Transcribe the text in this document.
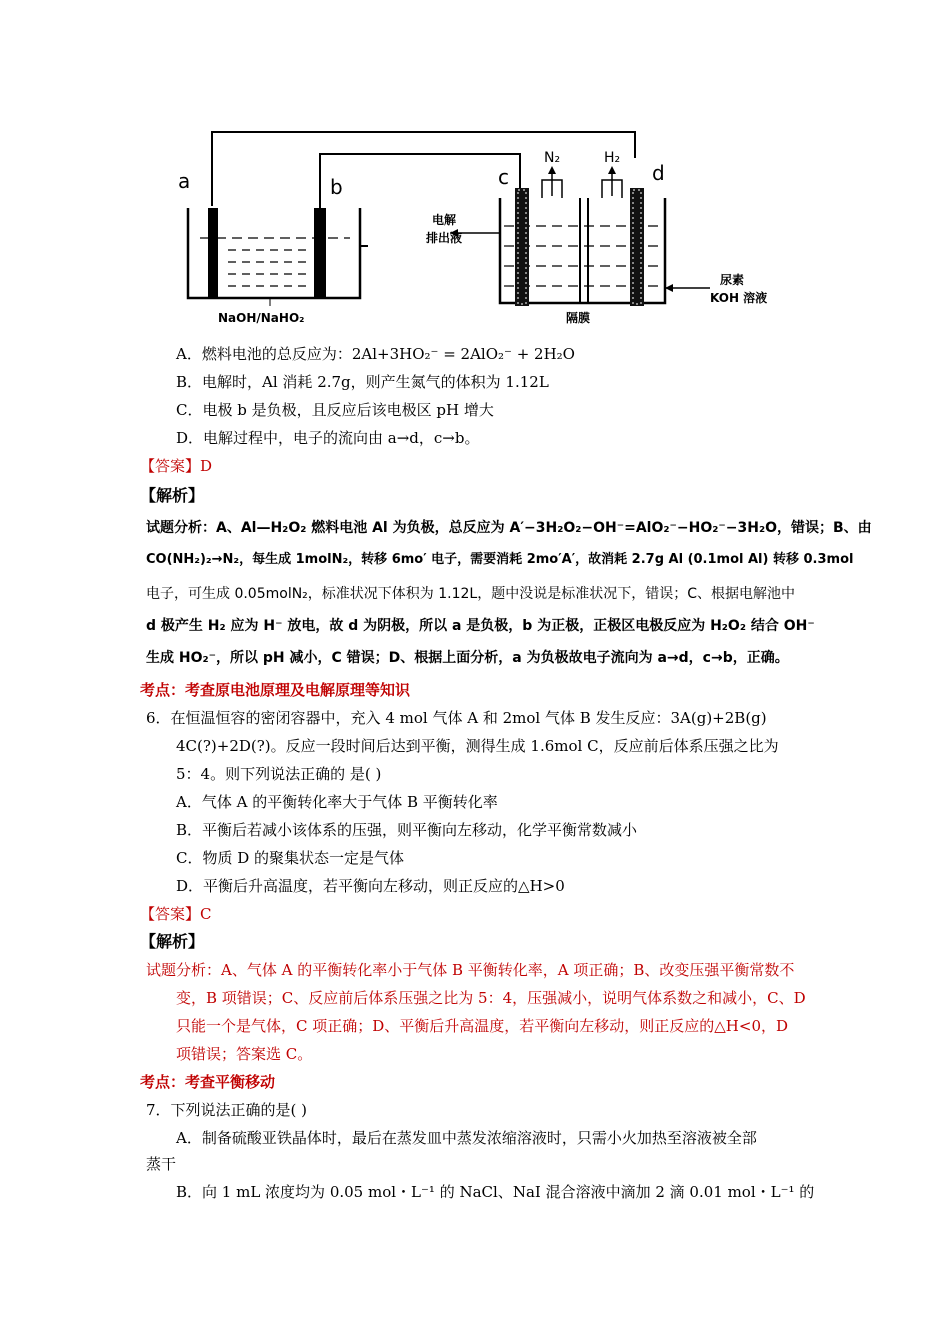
a	b	c	d
N₂	H₂
NaOH/NaHO₂
电解
排出液
隔膜
尿素
KOH 溶液
A．燃料电池的总反应为：2Al+3HO₂⁻ = 2AlO₂⁻ + 2H₂O
B．电解时，Al 消耗 2.7g，则产生氮气的体积为 1.12L
C．电极 b 是负极，且反应后该电极区 pH 增大
D．电解过程中，电子的流向由 a→d，c→b。
【答案】D
【解析】
试题分析：A、Al—H₂O₂ 燃料电池 Al 为负极，总反应为 A′−3H₂O₂−OH⁻=AlO₂⁻−HO₂⁻−3H₂O，错误；B、由
CO(NH₂)₂→N₂，每生成 1molN₂，转移 6mo′ 电子，需要消耗 2mo′A′，故消耗 2.7g Al (0.1mol Al) 转移 0.3mol
电子，可生成 0.05molN₂，标准状况下体积为 1.12L，题中没说是标准状况下，错误；C、根据电解池中
d 极产生 H₂ 应为 H⁻ 放电，故 d 为阴极，所以 a 是负极，b 为正极，正极区电极反应为 H₂O₂ 结合 OH⁻
生成 HO₂⁻，所以 pH 减小，C 错误；D、根据上面分析，a 为负极故电子流向为 a→d，c→b，正确。
考点：考查原电池原理及电解原理等知识
6．在恒温恒容的密闭容器中，充入 4 mol 气体 A 和 2mol 气体 B 发生反应：3A(g)+2B(g)
4C(?)+2D(?)。反应一段时间后达到平衡，测得生成 1.6mol C，反应前后体系压强之比为
5：4。则下列说法正确的 是( )
A．气体 A 的平衡转化率大于气体 B 平衡转化率
B．平衡后若减小该体系的压强，则平衡向左移动，化学平衡常数减小
C．物质 D 的聚集状态一定是气体
D．平衡后升高温度，若平衡向左移动，则正反应的△H>0
【答案】C
【解析】
试题分析：A、气体 A 的平衡转化率小于气体 B 平衡转化率，A 项正确；B、改变压强平衡常数不
变，B 项错误；C、反应前后体系压强之比为 5：4，压强减小，说明气体系数之和减小，C、D
只能一个是气体，C 项正确；D、平衡后升高温度，若平衡向左移动，则正反应的△H<0，D
项错误；答案选 C。
考点：考查平衡移动
7．下列说法正确的是( )
A．制备硫酸亚铁晶体时，最后在蒸发皿中蒸发浓缩溶液时，只需小火加热至溶液被全部
蒸干
B．向 1 mL 浓度均为 0.05 mol・L⁻¹ 的 NaCl、NaI 混合溶液中滴加 2 滴 0.01 mol・L⁻¹ 的
